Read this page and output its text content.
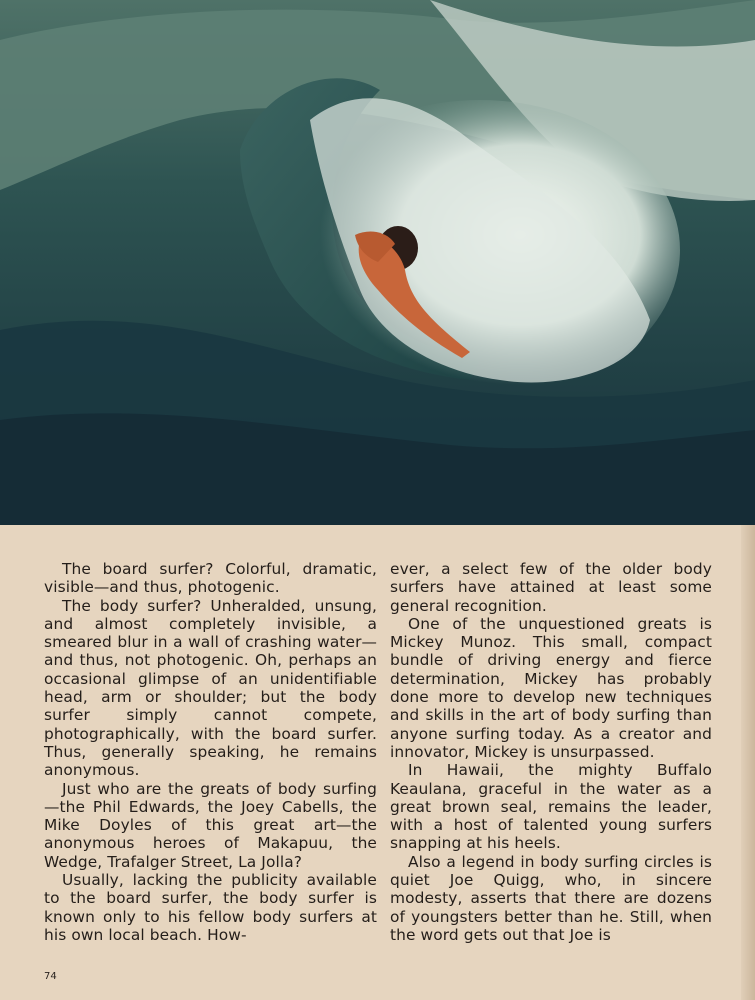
The board surfer? Colorful, dramatic, visible—and thus, photogenic.

The body surfer? Unheralded, unsung, and almost completely invisible, a smeared blur in a wall of crashing water—and thus, not photogenic. Oh, perhaps an occasional glimpse of an unidentifiable head, arm or shoulder; but the body surfer simply cannot compete, photographically, with the board surfer. Thus, generally speaking, he remains anonymous.

Just who are the greats of body surfing—the Phil Edwards, the Joey Cabells, the Mike Doyles of this great art—the anonymous heroes of Makapuu, the Wedge, Trafalger Street, La Jolla?

Usually, lacking the publicity available to the board surfer, the body surfer is known only to his fellow body surfers at his own local beach. How-

ever, a select few of the older body surfers have attained at least some general recognition.

One of the unquestioned greats is Mickey Munoz. This small, compact bundle of driving energy and fierce determination, Mickey has probably done more to develop new techniques and skills in the art of body surfing than anyone surfing today. As a creator and innovator, Mickey is unsurpassed.

In Hawaii, the mighty Buffalo Keaulana, graceful in the water as a great brown seal, remains the leader, with a host of talented young surfers snapping at his heels.

Also a legend in body surfing circles is quiet Joe Quigg, who, in sincere modesty, asserts that there are dozens of youngsters better than he. Still, when the word gets out that Joe is

74
